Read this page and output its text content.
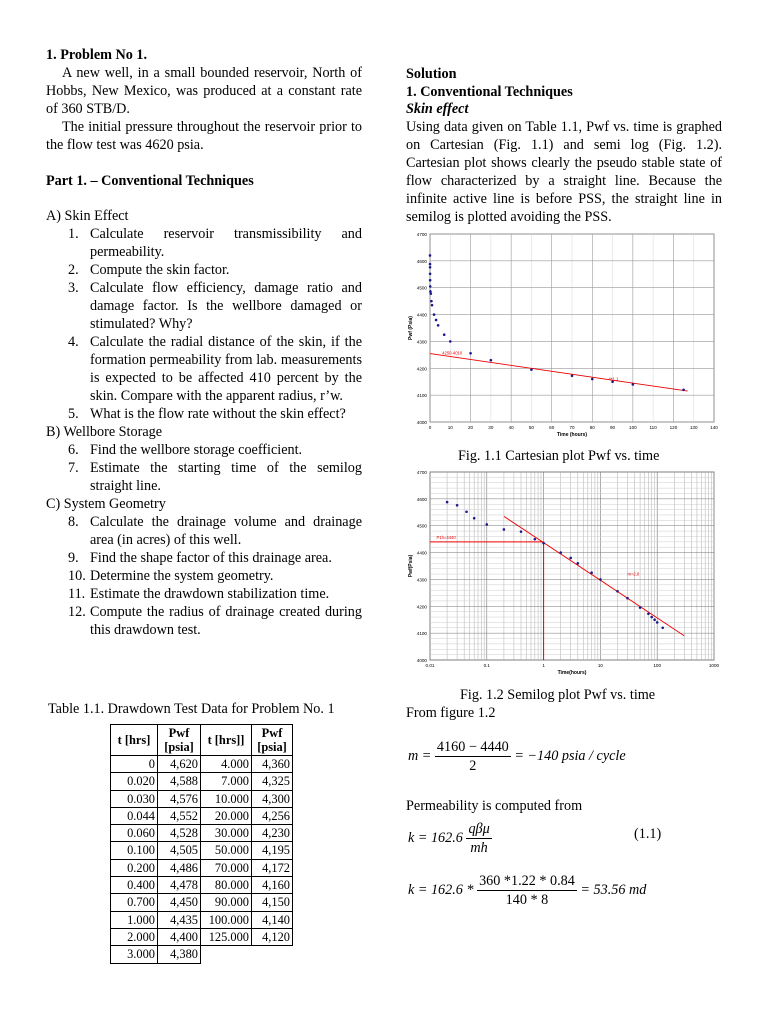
1. Problem No 1.

A new well, in a small bounded reservoir, North of Hobbs, New Mexico, was produced at a constant rate of 360 STB/D.

The initial pressure throughout the reservoir prior to the flow test was 4620 psia.

Part 1. – Conventional Techniques

A) Skin Effect

1. Calculate reservoir transmissibility and permeability.
2. Compute the skin factor.
3. Calculate flow efficiency, damage ratio and damage factor. Is the wellbore damaged or stimulated? Why?
4. Calculate the radial distance of the skin, if the formation permeability from lab. measurements is expected to be affected 410 percent by the skin. Compare with the apparent radius, r’w.
5. What is the flow rate without the skin effect?

B) Wellbore Storage

6. Find the wellbore storage coefficient.
7. Estimate the starting time of the semilog straight line.

C) System Geometry

8. Calculate the drainage volume and drainage area (in acres) of this well.
9. Find the shape factor of this drainage area.
10. Determine the system geometry.
11. Estimate the drawdown stabilization time.
12. Compute the radius of drainage created during this drawdown test.

Table 1.1. Drawdown Test Data for Problem No. 1

t [hrs]	Pwf [psia]	t [hrs]]	Pwf [psia]
0	4,620	4.000	4,360
0.020	4,588	7.000	4,325
0.030	4,576	10.000	4,300
0.044	4,552	20.000	4,256
0.060	4,528	30.000	4,230
0.100	4,505	50.000	4,195
0.200	4,486	70.000	4,172
0.400	4,478	80.000	4,160
0.700	4,450	90.000	4,150
1.000	4,435	100.000	4,140
2.000	4,400	125.000	4,120
3.000	4,380		

Solution

1. Conventional Techniques

Skin effect

Using data given on Table 1.1, Pwf vs. time is graphed on Cartesian (Fig. 1.1) and semi log (Fig. 1.2). Cartesian plot shows clearly the pseudo stable state of flow characterized by a straight line. Because the infinite active line is before PSS, the straight line in semilog is plotted avoiding the PSS.

4000
4100
4200
4300
4400
4500
4600
4700
0	10	20	30	40	50	60	70	80	90	100	110	120	130	140
Time (hours)
Pwf (Psia)
4250-4010
4*1.1

Fig. 1.1 Cartesian plot Pwf vs. time

4000
4100
4200
4300
4400
4500
4600
4700
0.01	0.1	1	10	100	1000
Time(hours)
Pwf(Psia)
P1h=4440
m=2,0

Fig. 1.2 Semilog plot Pwf vs. time

From figure 1.2

$m = \frac{4160 - 4440}{2} = -140$ psia / cycle

Permeability is computed from

$k = 162.6 \frac{\text{qβμ}}{mh}$	(1.1)

$k = 162.6 * \frac{360 *1.22 * 0.84}{140 * 8} = 53.56$ md
